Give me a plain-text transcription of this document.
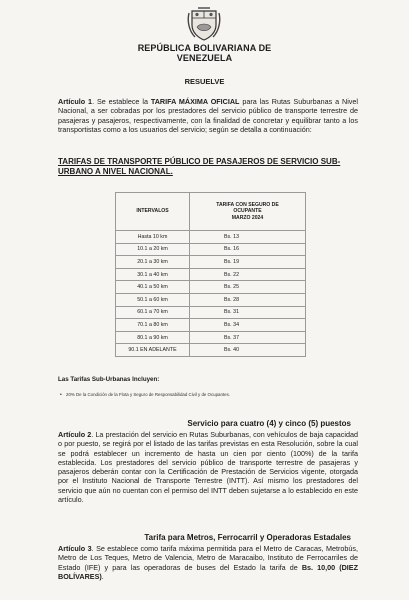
REPÚBLICA BOLIVARIANA DE
VENEZUELA
RESUELVE

Artículo 1. Se establece la TARIFA MÁXIMA OFICIAL para las Rutas Suburbanas a Nivel Nacional, a ser cobradas por los prestadores del servicio público de transporte terrestre de pasajeras y pasajeros, respectivamente, con la finalidad de concretar y equilibrar tanto a los transportistas como a los usuarios del servicio; según se detalla a continuación:

TARIFAS DE TRANSPORTE PÚBLICO DE PASAJEROS DE SERVICIO SUB-URBANO A NIVEL NACIONAL.
INTERVALOS	TARIFA CON SEGURO DE
OCUPANTE
MARZO 2024

Hasta 10 km	Bs. 13
10.1 a 20 km	Bs. 16
20.1 a 30 km	Bs. 19
30.1 a 40 km	Bs. 22
40.1 a 50 km	Bs. 25
50.1 a 60 km	Bs. 28
60.1 a 70 km	Bs. 31
70.1 a 80 km	Bs. 34
80.1 a 90 km	Bs. 37
90.1 EN ADELANTE	Bs. 40
Las Tarifas Sub-Urbanas Incluyen:
• 20% De la Condición de la Flota y Seguro de Responsabilidad Civil y de Ocupantes.
Servicio para cuatro (4) y cinco (5) puestos

Artículo 2. La prestación del servicio en Rutas Suburbanas, con vehículos de baja capacidad o por puesto, se regirá por el listado de las tarifas previstas en esta Resolución, sobre la cual se podrá establecer un incremento de hasta un cien por ciento (100%) de la tarifa establecida. Los prestadores del servicio público de transporte terrestre de pasajeras y pasajeros deberán contar con la Certificación de Prestación de Servicios vigente, otorgada por el Instituto Nacional de Transporte Terrestre (INTT). Así mismo los prestadores del servicio que aún no cuentan con el permiso del INTT deben sujetarse a lo establecido en este artículo.

Tarifa para Metros, Ferrocarril y Operadoras Estadales

Artículo 3. Se establece como tarifa máxima permitida para el Metro de Caracas, Metrobús, Metro de Los Teques, Metro de Valencia, Metro de Maracaibo, Instituto de Ferrocarriles de Estado (IFE) y para las operadoras de buses del Estado la tarifa de Bs. 10,00 (DIEZ BOLÍVARES).
